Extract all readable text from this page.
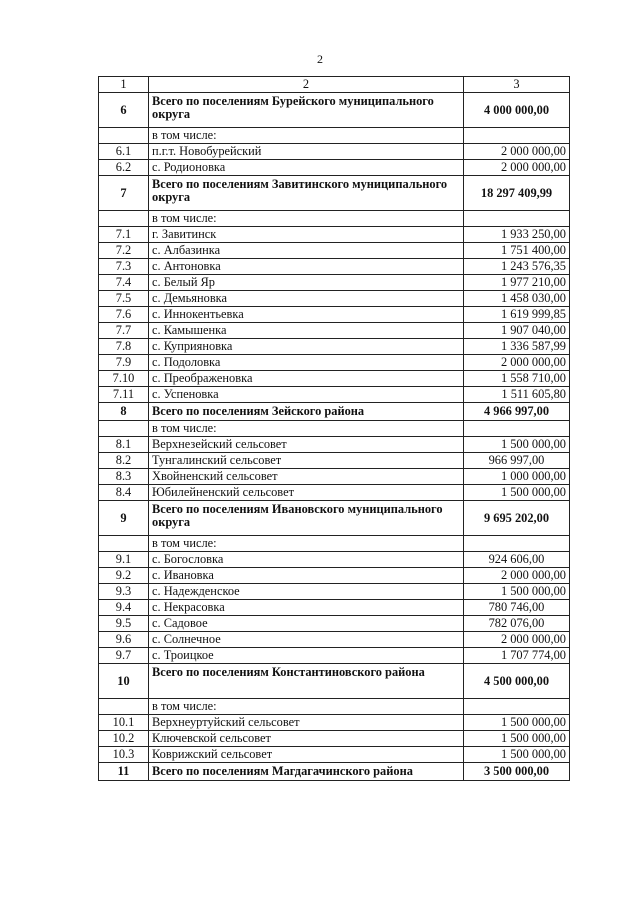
2
1	2	3
6	Всего по поселениям Бурейского муниципального округа	4 000 000,00
	в том числе:	
6.1	п.г.т. Новобурейский	2 000 000,00
6.2	с. Родионовка	2 000 000,00
7	Всего по поселениям Завитинского муниципального округа	18 297 409,99
	в том числе:	
7.1	г. Завитинск	1 933 250,00
7.2	с. Албазинка	1 751 400,00
7.3	с. Антоновка	1 243 576,35
7.4	с. Белый Яр	1 977 210,00
7.5	с. Демьяновка	1 458 030,00
7.6	с. Иннокентьевка	1 619 999,85
7.7	с. Камышенка	1 907 040,00
7.8	с. Куприяновка	1 336 587,99
7.9	с. Подоловка	2 000 000,00
7.10	с. Преображеновка	1 558 710,00
7.11	с. Успеновка	1 511 605,80
8	Всего по поселениям Зейского района	4 966 997,00
	в том числе:	
8.1	Верхнезейский сельсовет	1 500 000,00
8.2	Тунгалинский сельсовет	966 997,00
8.3	Хвойненский сельсовет	1 000 000,00
8.4	Юбилейненский сельсовет	1 500 000,00
9	Всего по поселениям Ивановского муниципального округа	9 695 202,00
	в том числе:	
9.1	с. Богословка	924 606,00
9.2	с. Ивановка	2 000 000,00
9.3	с. Надежденское	1 500 000,00
9.4	с. Некрасовка	780 746,00
9.5	с. Садовое	782 076,00
9.6	с. Солнечное	2 000 000,00
9.7	с. Троицкое	1 707 774,00
10	Всего по поселениям Константиновского района	4 500 000,00
	в том числе:	
10.1	Верхнеуртуйский сельсовет	1 500 000,00
10.2	Ключевской сельсовет	1 500 000,00
10.3	Коврижский сельсовет	1 500 000,00
11	Всего по поселениям Магдагачинского района	3 500 000,00
